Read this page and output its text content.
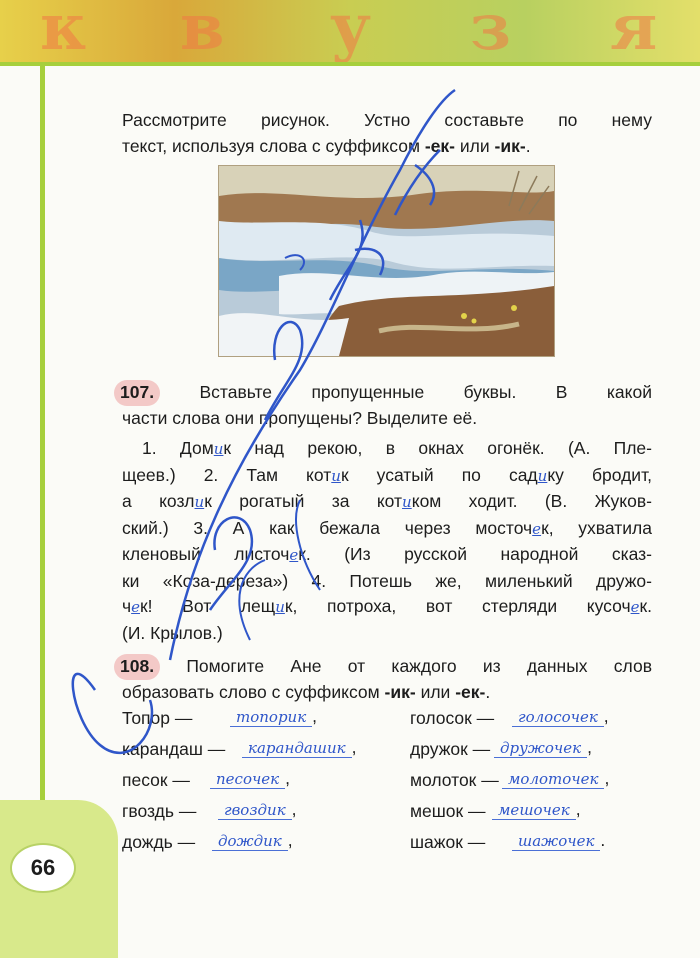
к в у з я
66
Рассмотрите рисунок. Устно составьте по нему
текст, используя слова с суффиксом -ек- или -ик-.
107. Вставьте пропущенные буквы. В какой
части слова они пропущены? Выделите её.
1. Домик над рекою, в окнах огонёк. (А. Пле-
щеев.) 2. Там котик усатый по садику бродит,
а козлик рогатый за котиком ходит. (В. Жуков-
ский.) 3. А как бежала через мосточек, ухватила
кленовый листочек. (Из русской народной сказ-
ки «Коза-дереза») 4. Потешь же, миленький дружо-
чек! Вот лещик, потроха, вот стерляди кусочек.
(И. Крылов.)
108. Помогите Ане от каждого из данных слов
образовать слово с суффиксом -ик- или -ек-.
Топор —	топорик ,	голосок —	голосочек ,
карандаш —	карандашик ,	дружок — дружочек ,
песок —	песочек ,	молоток — молоточек ,
гвоздь —	гвоздик ,	мешок — мешочек ,
дождь —	дождик ,	шажок —	шажочек .
